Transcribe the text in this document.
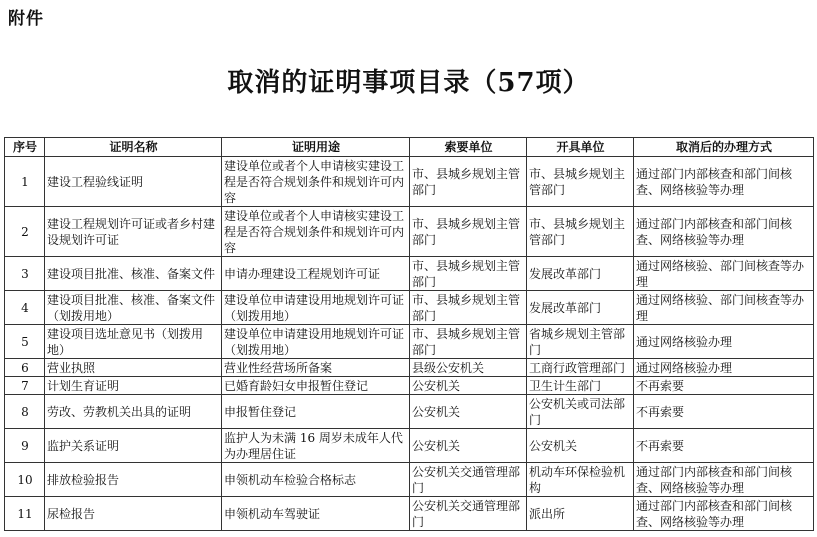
附件
取消的证明事项目录（57项）
序号	证明名称	证明用途	索要单位	开具单位	取消后的办理方式
1	建设工程验线证明	建设单位或者个人申请核实建设工程是否符合规划条件和规划许可内容	市、县城乡规划主管部门	市、县城乡规划主管部门	通过部门内部核查和部门间核查、网络核验等办理
2	建设工程规划许可证或者乡村建设规划许可证	建设单位或者个人申请核实建设工程是否符合规划条件和规划许可内容	市、县城乡规划主管部门	市、县城乡规划主管部门	通过部门内部核查和部门间核查、网络核验等办理
3	建设项目批准、核准、备案文件	申请办理建设工程规划许可证	市、县城乡规划主管部门	发展改革部门	通过网络核验、部门间核查等办理
4	建设项目批准、核准、备案文件（划拨用地）	建设单位申请建设用地规划许可证（划拨用地）	市、县城乡规划主管部门	发展改革部门	通过网络核验、部门间核查等办理
5	建设项目选址意见书（划拨用地）	建设单位申请建设用地规划许可证（划拨用地）	市、县城乡规划主管部门	省城乡规划主管部门	通过网络核验办理
6	营业执照	营业性经营场所备案	县级公安机关	工商行政管理部门	通过网络核验办理
7	计划生育证明	已婚育龄妇女申报暂住登记	公安机关	卫生计生部门	不再索要
8	劳改、劳教机关出具的证明	申报暂住登记	公安机关	公安机关或司法部门	不再索要
9	监护关系证明	监护人为未满 16 周岁未成年人代为办理居住证	公安机关	公安机关	不再索要
10	排放检验报告	申领机动车检验合格标志	公安机关交通管理部门	机动车环保检验机构	通过部门内部核查和部门间核查、网络核验等办理
11	尿检报告	申领机动车驾驶证	公安机关交通管理部门	派出所	通过部门内部核查和部门间核查、网络核验等办理
